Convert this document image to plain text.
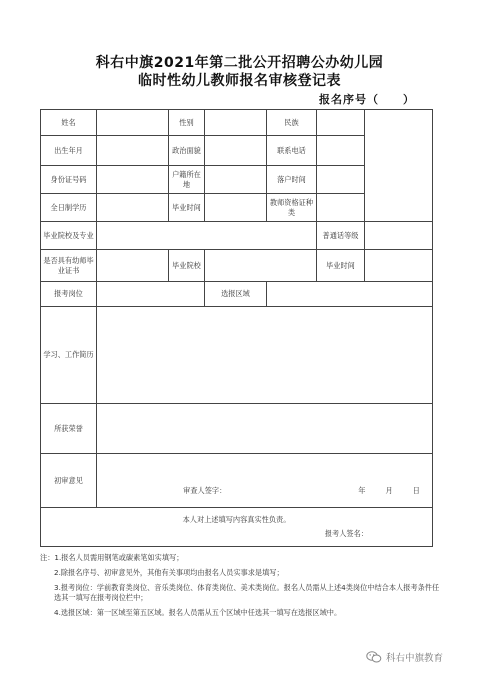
科右中旗2021年第二批公开招聘公办幼儿园
临时性幼儿教师报名审核登记表
报名序号（　　）
姓名		性别		民族		
出生年月		政治面貌		联系电话		
身份证号码		户籍所在地		落户时间		
全日制学历		毕业时间		教师资格证种类		
毕业院校及专业					普通话等级	
是否具有幼师毕业证书		毕业院校			毕业时间	
报考岗位			选报区域			
学习、工作简历						
所获荣誉						
初审意见	审查人签字： 年 月 日					

本人对上述填写内容真实性负责。
报考人签名：						

注：1.报名人员需用钢笔或碳素笔如实填写；

2.除报名序号、初审意见外，其他有关事项均由报名人员实事求是填写；

3.报考岗位：学前教育类岗位、音乐类岗位、体育类岗位、美术类岗位。报名人员需从上述4类岗位中结合本人报考条件任选其一填写在报考岗位栏中；

4.选报区域：第一区域至第五区域。报名人员需从五个区域中任选其一填写在选报区域中。

科右中旗教育
